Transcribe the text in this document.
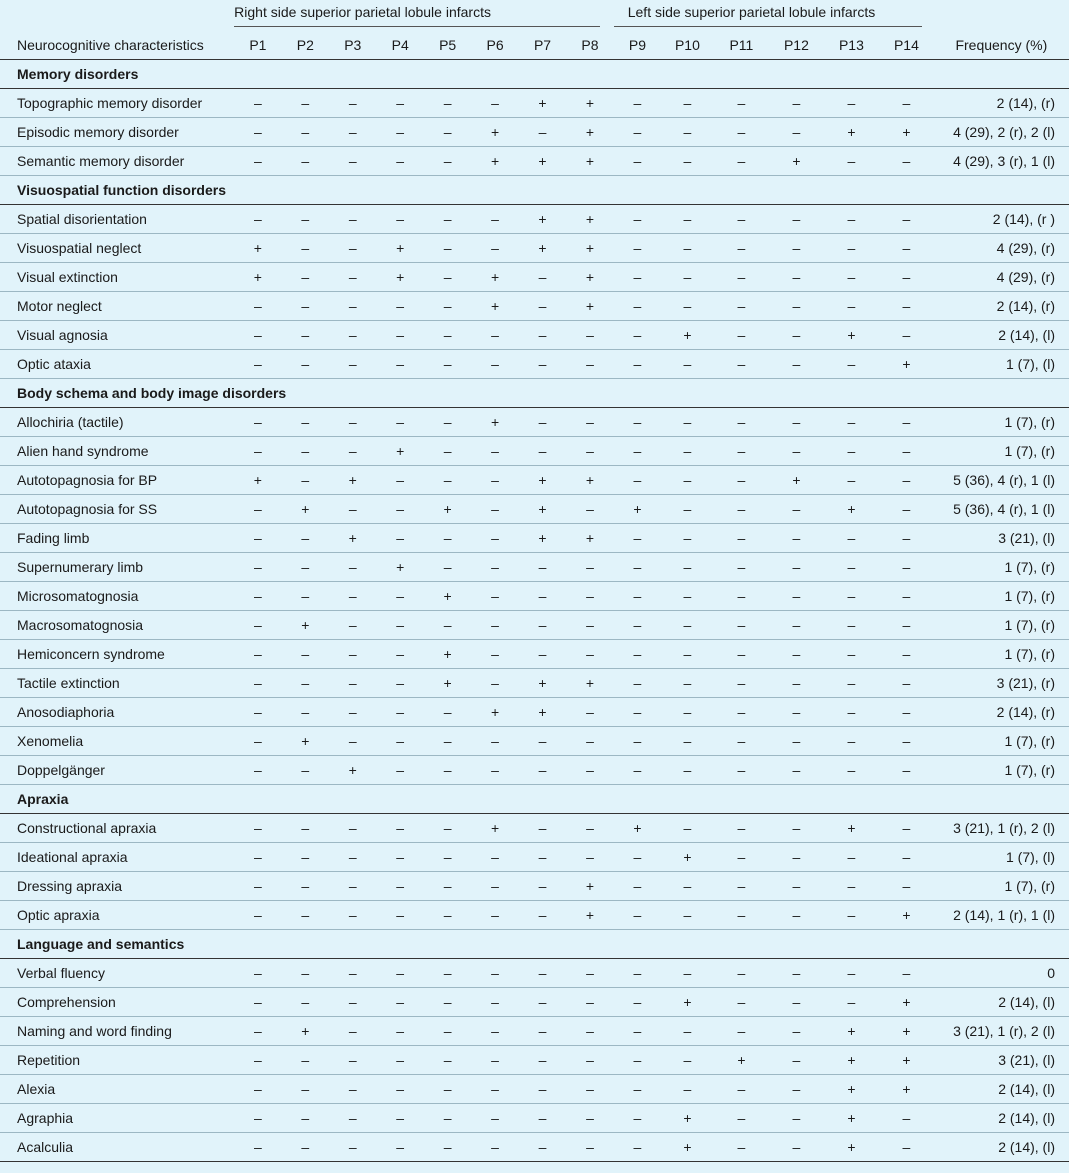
	Right side superior parietal lobule infarcts								Left side superior parietal lobule infarcts						

Neurocognitive characteristics	P1	P2	P3	P4	P5	P6	P7	P8	P9	P10	P11	P12	P13	P14	Frequency (%)
Memory disorders															
Topographic memory disorder	–	–	–	–	–	–	+	+	–	–	–	–	–	–	2 (14), (r)
Episodic memory disorder	–	–	–	–	–	+	–	+	–	–	–	–	+	+	4 (29), 2 (r), 2 (l)
Semantic memory disorder	–	–	–	–	–	+	+	+	–	–	–	+	–	–	4 (29), 3 (r), 1 (l)
Visuospatial function disorders															
Spatial disorientation	–	–	–	–	–	–	+	+	–	–	–	–	–	–	2 (14), (r )
Visuospatial neglect	+	–	–	+	–	–	+	+	–	–	–	–	–	–	4 (29), (r)
Visual extinction	+	–	–	+	–	+	–	+	–	–	–	–	–	–	4 (29), (r)
Motor neglect	–	–	–	–	–	+	–	+	–	–	–	–	–	–	2 (14), (r)
Visual agnosia	–	–	–	–	–	–	–	–	–	+	–	–	+	–	2 (14), (l)
Optic ataxia	–	–	–	–	–	–	–	–	–	–	–	–	–	+	1 (7), (l)
Body schema and body image disorders															
Allochiria (tactile)	–	–	–	–	–	+	–	–	–	–	–	–	–	–	1 (7), (r)
Alien hand syndrome	–	–	–	+	–	–	–	–	–	–	–	–	–	–	1 (7), (r)
Autotopagnosia for BP	+	–	+	–	–	–	+	+	–	–	–	+	–	–	5 (36), 4 (r), 1 (l)
Autotopagnosia for SS	–	+	–	–	+	–	+	–	+	–	–	–	+	–	5 (36), 4 (r), 1 (l)
Fading limb	–	–	+	–	–	–	+	+	–	–	–	–	–	–	3 (21), (l)
Supernumerary limb	–	–	–	+	–	–	–	–	–	–	–	–	–	–	1 (7), (r)
Microsomatognosia	–	–	–	–	+	–	–	–	–	–	–	–	–	–	1 (7), (r)
Macrosomatognosia	–	+	–	–	–	–	–	–	–	–	–	–	–	–	1 (7), (r)
Hemiconcern syndrome	–	–	–	–	+	–	–	–	–	–	–	–	–	–	1 (7), (r)
Tactile extinction	–	–	–	–	+	–	+	+	–	–	–	–	–	–	3 (21), (r)
Anosodiaphoria	–	–	–	–	–	+	+	–	–	–	–	–	–	–	2 (14), (r)
Xenomelia	–	+	–	–	–	–	–	–	–	–	–	–	–	–	1 (7), (r)
Doppelgänger	–	–	+	–	–	–	–	–	–	–	–	–	–	–	1 (7), (r)
Apraxia															
Constructional apraxia	–	–	–	–	–	+	–	–	+	–	–	–	+	–	3 (21), 1 (r), 2 (l)
Ideational apraxia	–	–	–	–	–	–	–	–	–	+	–	–	–	–	1 (7), (l)
Dressing apraxia	–	–	–	–	–	–	–	+	–	–	–	–	–	–	1 (7), (r)
Optic apraxia	–	–	–	–	–	–	–	+	–	–	–	–	–	+	2 (14), 1 (r), 1 (l)
Language and semantics															
Verbal fluency	–	–	–	–	–	–	–	–	–	–	–	–	–	–	0
Comprehension	–	–	–	–	–	–	–	–	–	+	–	–	–	+	2 (14), (l)
Naming and word finding	–	+	–	–	–	–	–	–	–	–	–	–	+	+	3 (21), 1 (r), 2 (l)
Repetition	–	–	–	–	–	–	–	–	–	–	+	–	+	+	3 (21), (l)
Alexia	–	–	–	–	–	–	–	–	–	–	–	–	+	+	2 (14), (l)
Agraphia	–	–	–	–	–	–	–	–	–	+	–	–	+	–	2 (14), (l)
Acalculia	–	–	–	–	–	–	–	–	–	+	–	–	+	–	2 (14), (l)
